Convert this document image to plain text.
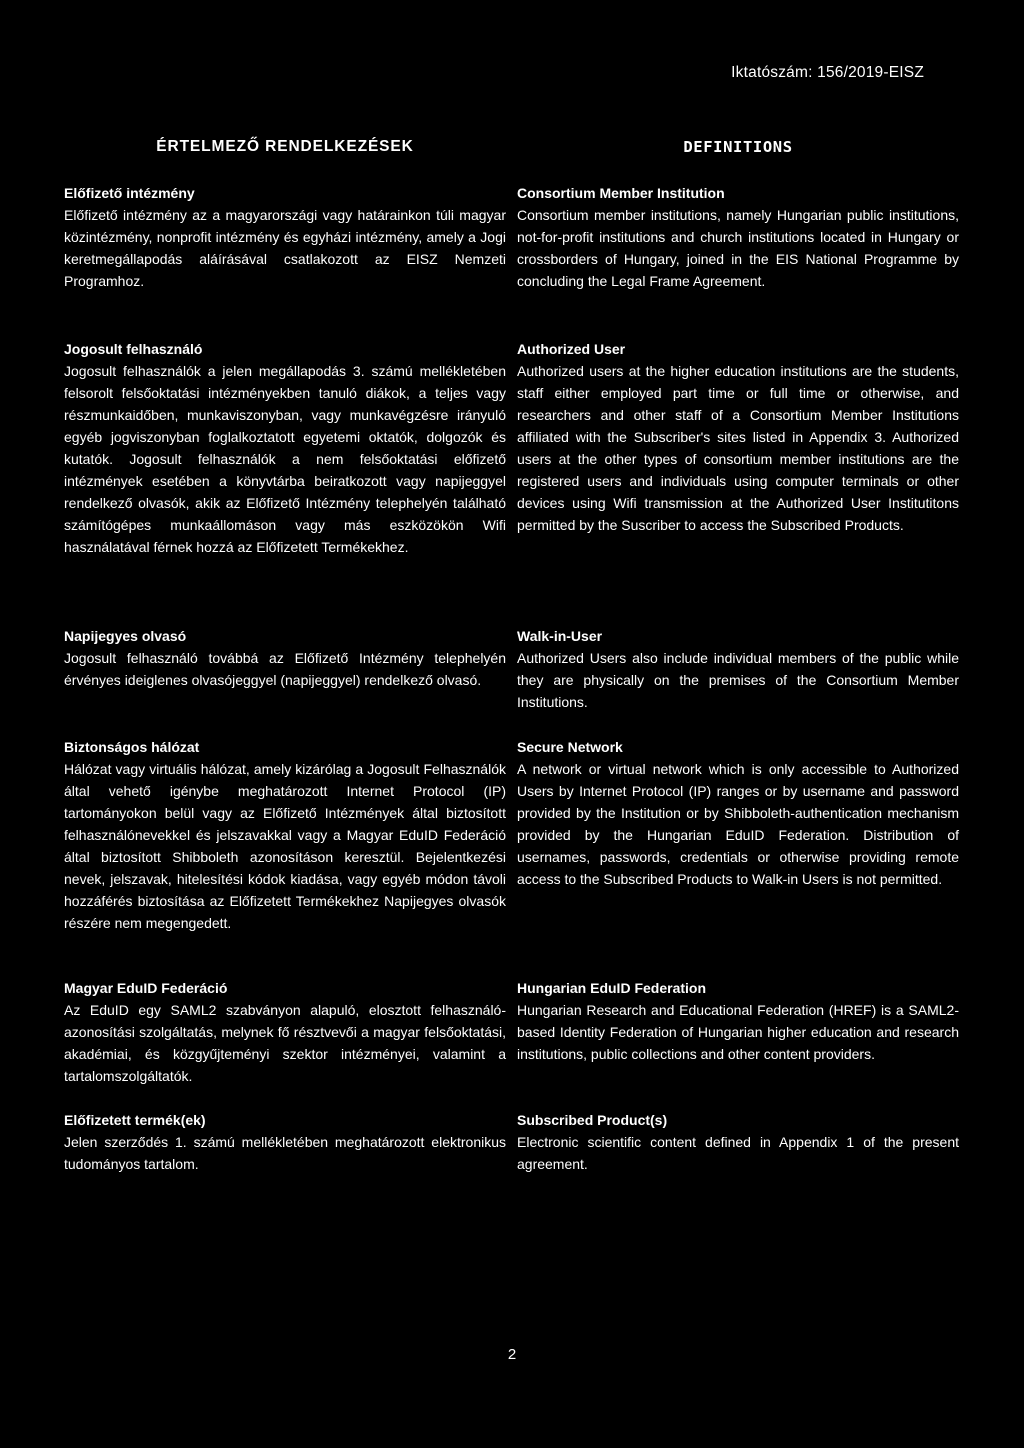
Iktatószám: 156/2019-EISZ
ÉRTELMEZŐ RENDELKEZÉSEK
Előfizető intézmény
Előfizető intézmény az a magyarországi vagy határainkon túli magyar közintézmény, nonprofit intézmény és egyházi intézmény, amely a Jogi keretmegállapodás aláírásával csatlakozott az EISZ Nemzeti Programhoz.
Jogosult felhasználó
Jogosult felhasználók a jelen megállapodás 3. számú mellékletében felsorolt felsőoktatási intézményekben tanuló diákok, a teljes vagy részmunkaidőben, munkaviszonyban, vagy munkavégzésre irányuló egyéb jogviszonyban foglalkoztatott egyetemi oktatók, dolgozók és kutatók. Jogosult felhasználók a nem felsőoktatási előfizető intézmények esetében a könyvtárba beiratkozott vagy napijeggyel rendelkező olvasók, akik az Előfizető Intézmény telephelyén található számítógépes munkaállomáson vagy más eszközökön Wifi használatával férnek hozzá az Előfizetett Termékekhez.
Napijegyes olvasó
Jogosult felhasználó továbbá az Előfizető Intézmény telephelyén érvényes ideiglenes olvasójeggyel (napijeggyel) rendelkező olvasó.
Biztonságos hálózat
Hálózat vagy virtuális hálózat, amely kizárólag a Jogosult Felhasználók által vehető igénybe meghatározott Internet Protocol (IP) tartományokon belül vagy az Előfizető Intézmények által biztosított felhasználónevekkel és jelszavakkal vagy a Magyar EduID Federáció által biztosított Shibboleth azonosításon keresztül. Bejelentkezési nevek, jelszavak, hitelesítési kódok kiadása, vagy egyéb módon távoli hozzáférés biztosítása az Előfizetett Termékekhez Napijegyes olvasók részére nem megengedett.
Magyar EduID Federáció
Az EduID egy SAML2 szabványon alapuló, elosztott felhasználó-azonosítási szolgáltatás, melynek fő résztvevői a magyar felsőoktatási, akadémiai, és közgyűjteményi szektor intézményei, valamint a tartalomszolgáltatók.
Előfizetett termék(ek)
Jelen szerződés 1. számú mellékletében meghatározott elektronikus tudományos tartalom.
DEFINITIONS
Consortium Member Institution
Consortium member institutions, namely Hungarian public institutions, not-for-profit institutions and church institutions located in Hungary or crossborders of Hungary, joined in the EIS National Programme by concluding the Legal Frame Agreement.
Authorized User
Authorized users at the higher education institutions are the students, staff either employed part time or full time or otherwise, and researchers and other staff of a Consortium Member Institutions affiliated with the Subscriber's sites listed in Appendix 3. Authorized users at the other types of consortium member institutions are the registered users and individuals using computer terminals or other devices using Wifi transmission at the Authorized User Institutitons permitted by the Suscriber to access the Subscribed Products.
Walk-in-User
Authorized Users also include individual members of the public while they are physically on the premises of the Consortium Member Institutions.
Secure Network
A network or virtual network which is only accessible to Authorized Users by Internet Protocol (IP) ranges or by username and password provided by the Institution or by Shibboleth-authentication mechanism provided by the Hungarian EduID Federation. Distribution of usernames, passwords, credentials or otherwise providing remote access to the Subscribed Products to Walk-in Users is not permitted.
Hungarian EduID Federation
Hungarian Research and Educational Federation (HREF) is a SAML2-based Identity Federation of Hungarian higher education and research institutions, public collections and other content providers.
Subscribed Product(s)
Electronic scientific content defined in Appendix 1 of the present agreement.
2
